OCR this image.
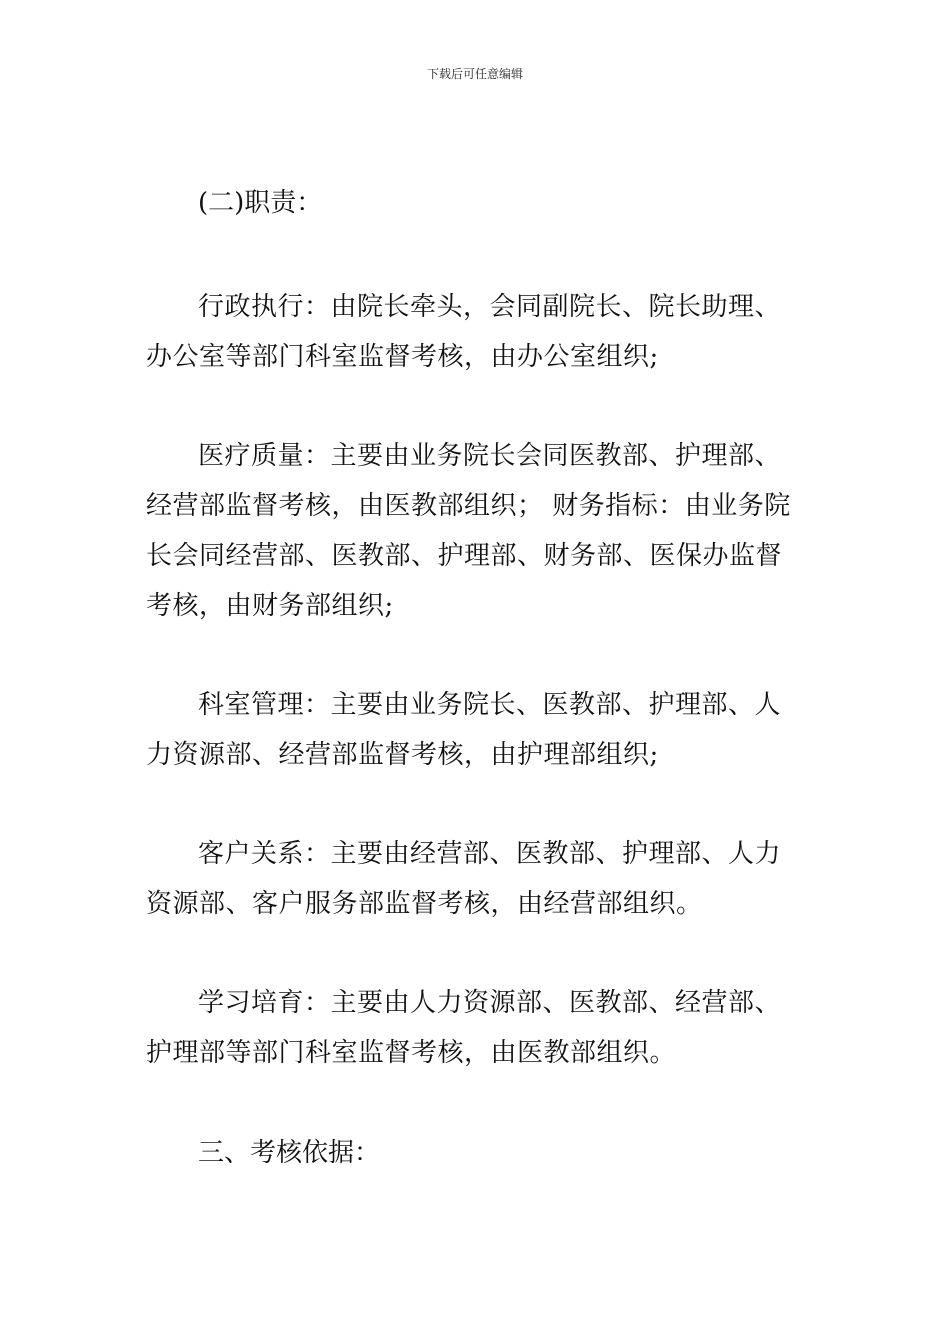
下载后可任意编辑

(二)职责：

行政执行：由院长牵头，会同副院长、院长助理、办公室等部门科室监督考核，由办公室组织;

医疗质量：主要由业务院长会同医教部、护理部、经营部监督考核，由医教部组织； 财务指标：由业务院长会同经营部、医教部、护理部、财务部、医保办监督考核，由财务部组织;

科室管理：主要由业务院长、医教部、护理部、人力资源部、经营部监督考核，由护理部组织;

客户关系：主要由经营部、医教部、护理部、人力资源部、客户服务部监督考核，由经营部组织。

学习培育：主要由人力资源部、医教部、经营部、护理部等部门科室监督考核，由医教部组织。

三、考核依据：
